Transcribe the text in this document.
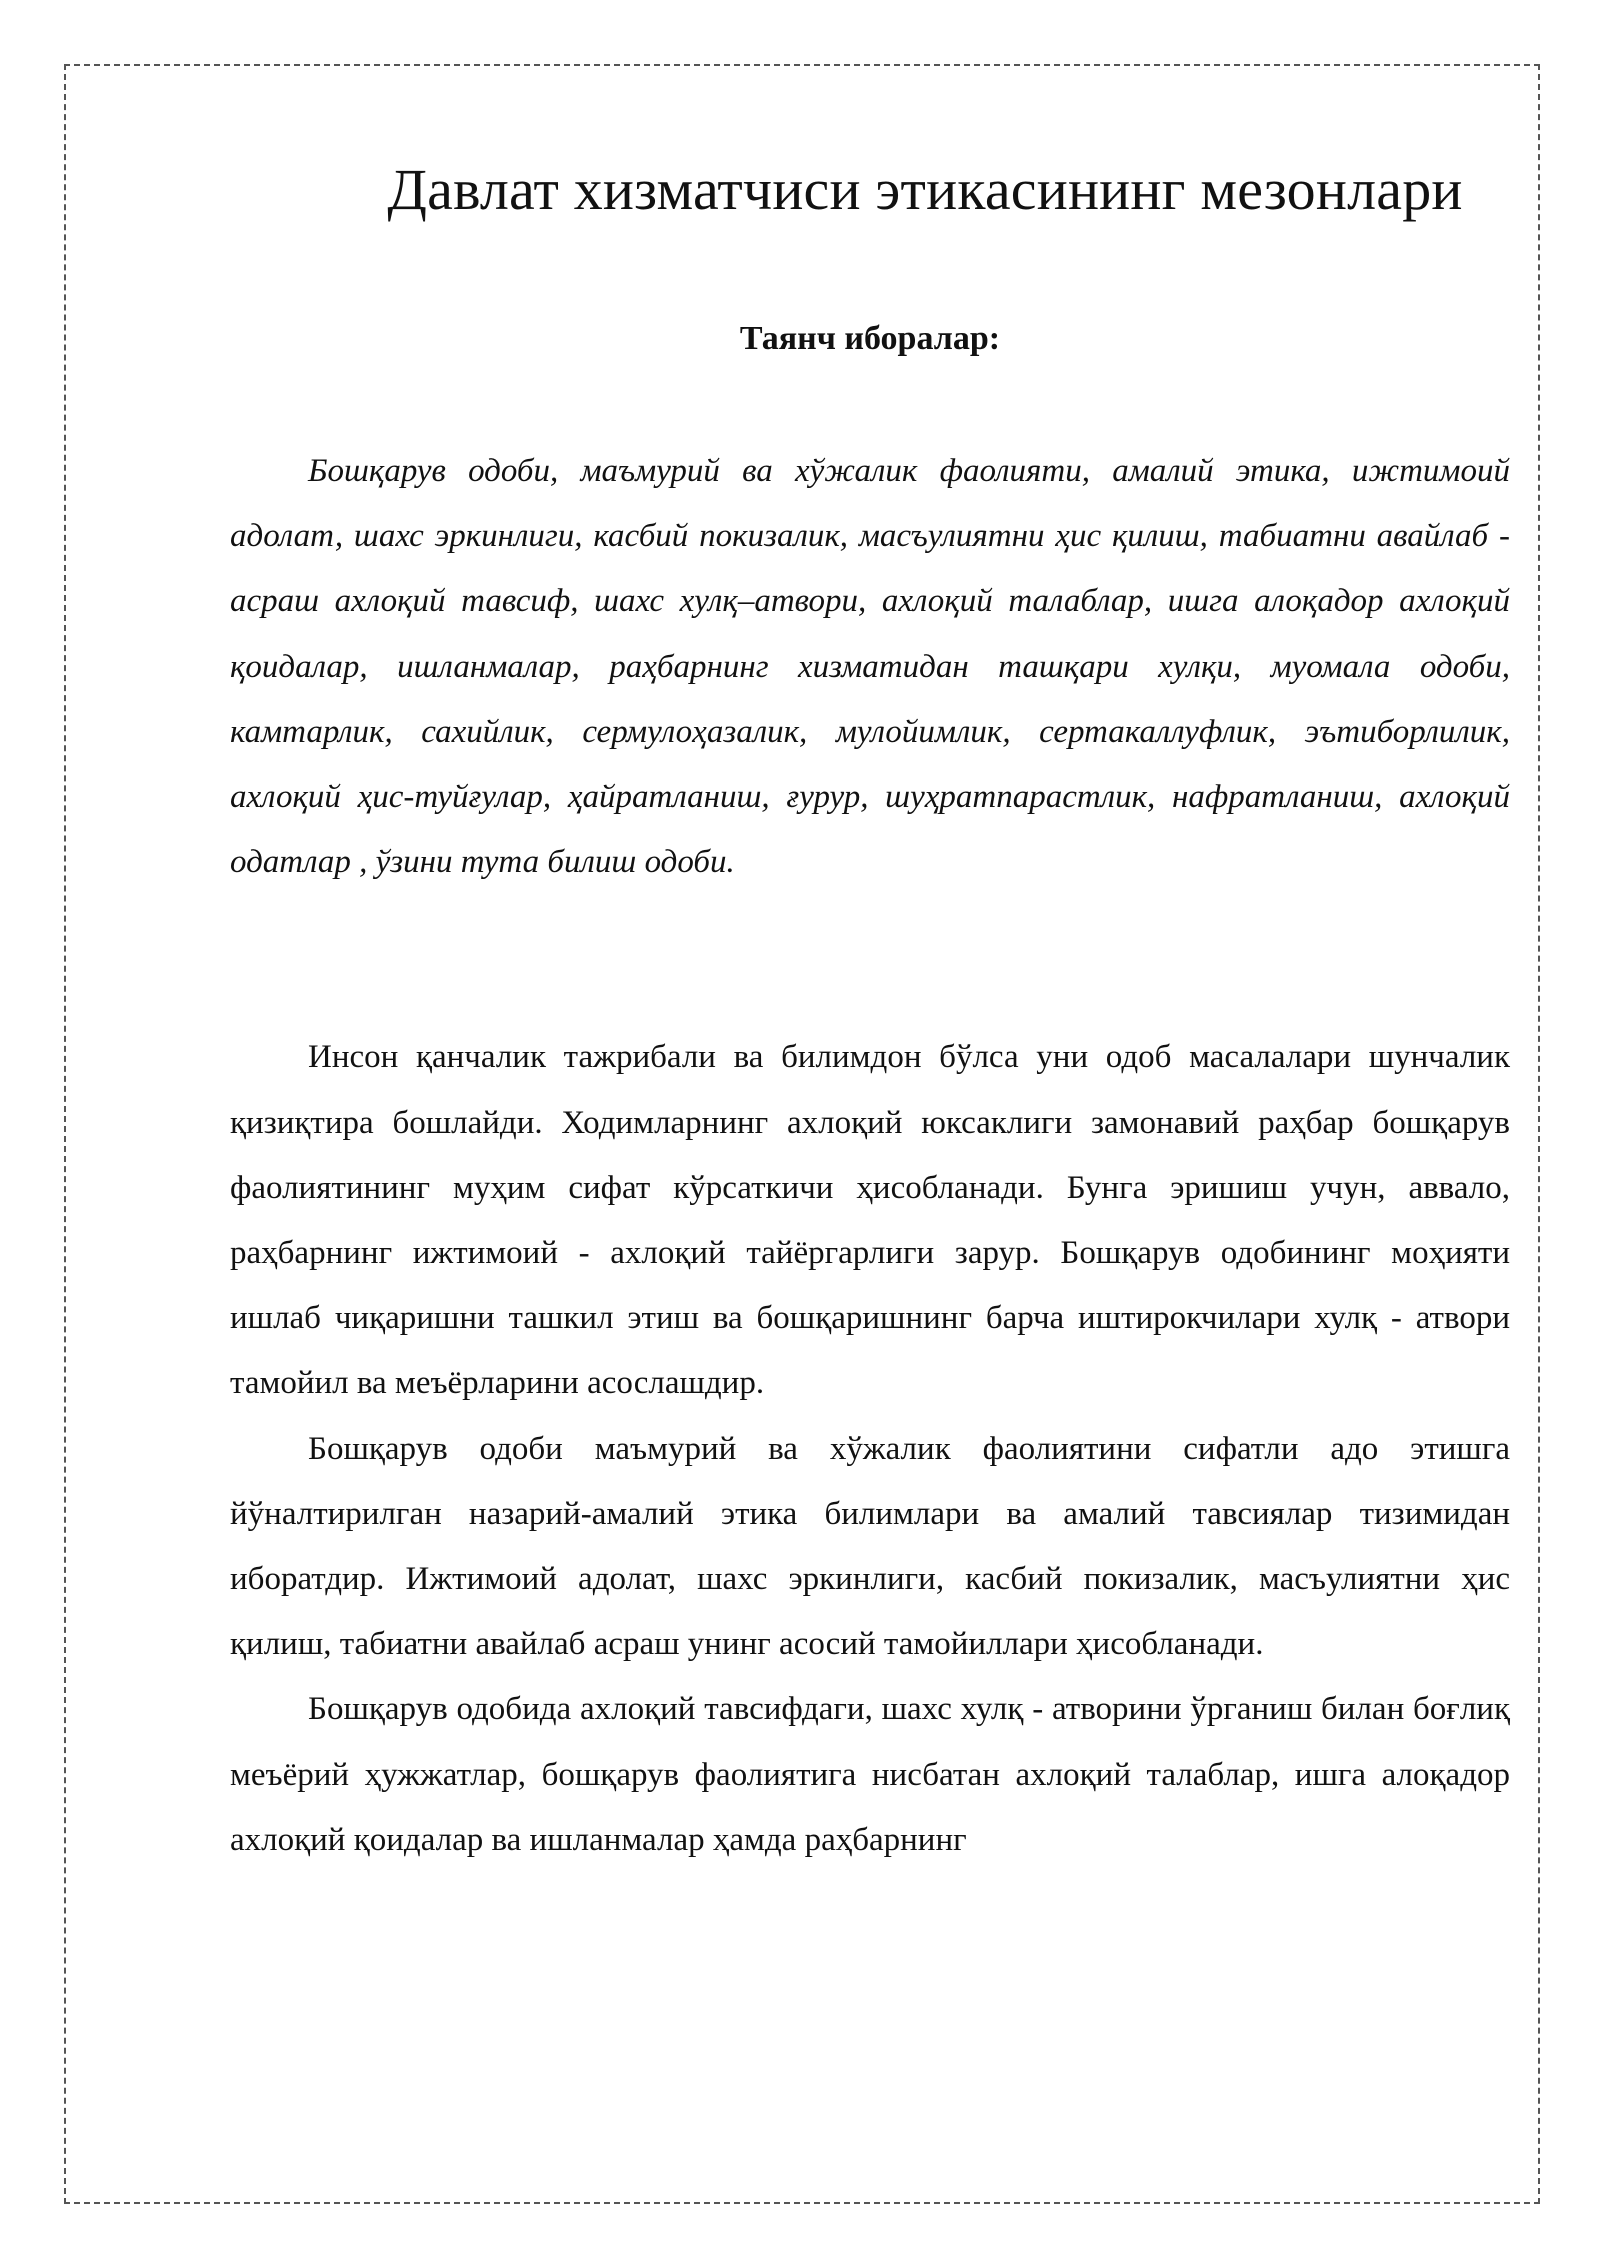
Давлат хизматчиси этикасининг мезонлари

Таянч иборалар:

Бошқарув одоби, маъмурий ва хўжалик фаолияти, амалий этика, ижтимоий адолат, шахс эркинлиги, касбий покизалик, масъулиятни ҳис қилиш, табиатни авайлаб - асраш ахлоқий тавсиф, шахс хулқ–атвори, ахлоқий талаблар, ишга алоқадор ахлоқий қоидалар, ишланмалар, раҳбарнинг хизматидан ташқари хулқи, муомала одоби, камтарлик, сахийлик, сермулоҳазалик, мулойимлик, сертакаллуфлик, эътиборлилик, ахлоқий ҳис-туйғулар, ҳайратланиш, ғурур, шуҳратпарастлик, нафратланиш, ахлоқий одатлар , ўзини тута билиш одоби.

Инсон қанчалик тажрибали ва билимдон бўлса уни одоб масалалари шунчалик қизиқтира бошлайди. Ходимларнинг ахлоқий юксаклиги замонавий раҳбар бошқарув фаолиятининг муҳим сифат кўрсаткичи ҳисобланади. Бунга эришиш учун, аввало, раҳбарнинг ижтимоий - ахлоқий тайёргарлиги зарур. Бошқарув одобининг моҳияти ишлаб чиқаришни ташкил этиш ва бошқаришнинг барча иштирокчилари хулқ - атвори тамойил ва меъёрларини асослашдир.

Бошқарув одоби маъмурий ва хўжалик фаолиятини сифатли адо этишга йўналтирилган назарий-амалий этика билимлари ва амалий тавсиялар тизимидан иборатдир. Ижтимоий адолат, шахс эркинлиги, касбий покизалик, масъулиятни ҳис қилиш, табиатни авайлаб асраш унинг асосий тамойиллари ҳисобланади.

Бошқарув одобида ахлоқий тавсифдаги, шахс хулқ - атворини ўрганиш билан боғлиқ меъёрий ҳужжатлар, бошқарув фаолиятига нисбатан ахлоқий талаблар, ишга алоқадор ахлоқий қоидалар ва ишланмалар ҳамда раҳбарнинг
